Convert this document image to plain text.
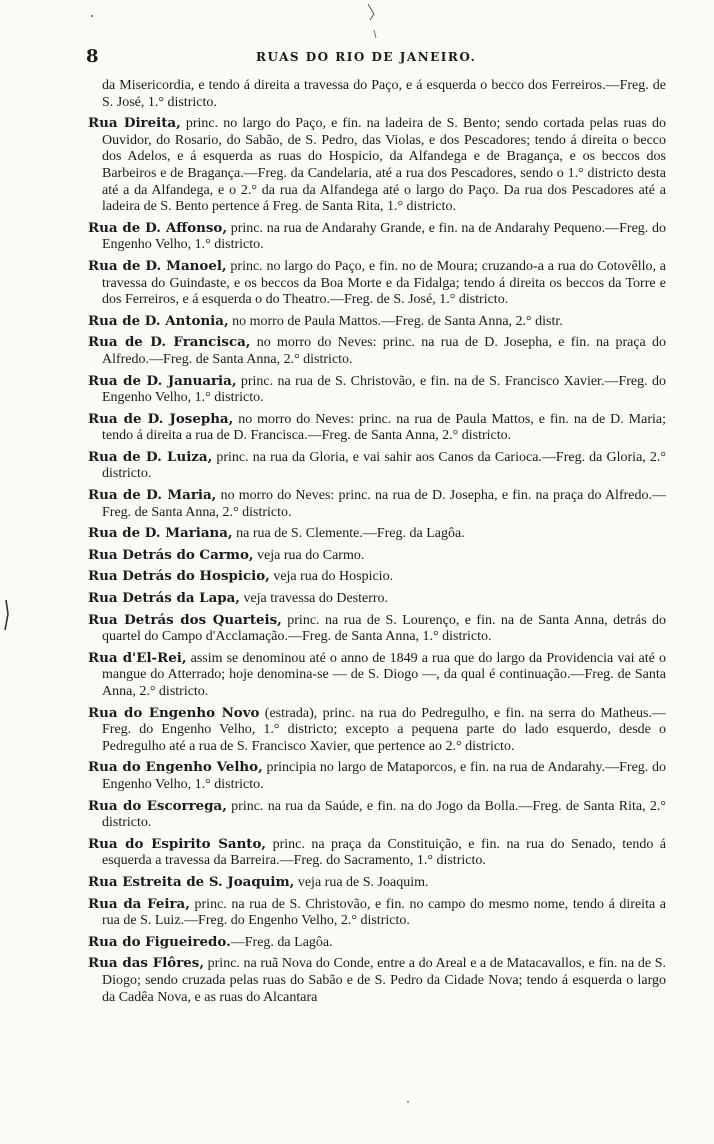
8	RUAS DO RIO DE JANEIRO.

da Misericordia, e tendo á direita a travessa do Paço, e á esquerda o becco dos Ferreiros.—Freg. de S. José, 1.° districto.

Rua Direita, princ. no largo do Paço, e fin. na ladeira de S. Bento; sendo cortada pelas ruas do Ouvidor, do Rosario, do Sabão, de S. Pedro, das Violas, e dos Pescadores; tendo á direita o becco dos Adelos, e á esquerda as ruas do Hospicio, da Alfandega e de Bragança, e os beccos dos Barbeiros e de Bragança.—Freg. da Candelaria, até a rua dos Pescadores, sendo o 1.° districto desta até a da Alfandega, e o 2.° da rua da Alfandega até o largo do Paço. Da rua dos Pescadores até a ladeira de S. Bento pertence á Freg. de Santa Rita, 1.° districto.

Rua de D. Affonso, princ. na rua de Andarahy Grande, e fin. na de Andarahy Pequeno.—Freg. do Engenho Velho, 1.° districto.

Rua de D. Manoel, princ. no largo do Paço, e fin. no de Moura; cruzando-a a rua do Cotovêllo, a travessa do Guindaste, e os beccos da Boa Morte e da Fidalga; tendo á direita os beccos da Torre e dos Ferreiros, e á esquerda o do Theatro.—Freg. de S. José, 1.° districto.

Rua de D. Antonia, no morro de Paula Mattos.—Freg. de Santa Anna, 2.° distr.

Rua de D. Francisca, no morro do Neves: princ. na rua de D. Josepha, e fin. na praça do Alfredo.—Freg. de Santa Anna, 2.° districto.

Rua de D. Januaria, princ. na rua de S. Christovão, e fin. na de S. Francisco Xavier.—Freg. do Engenho Velho, 1.° districto.

Rua de D. Josepha, no morro do Neves: princ. na rua de Paula Mattos, e fin. na de D. Maria; tendo á direita a rua de D. Francisca.—Freg. de Santa Anna, 2.° districto.

Rua de D. Luiza, princ. na rua da Gloria, e vai sahir aos Canos da Carioca.—Freg. da Gloria, 2.° districto.

Rua de D. Maria, no morro do Neves: princ. na rua de D. Josepha, e fin. na praça do Alfredo.—Freg. de Santa Anna, 2.° districto.

Rua de D. Mariana, na rua de S. Clemente.—Freg. da Lagôa.

Rua Detrás do Carmo, veja rua do Carmo.

Rua Detrás do Hospicio, veja rua do Hospicio.

Rua Detrás da Lapa, veja travessa do Desterro.

Rua Detrás dos Quarteis, princ. na rua de S. Lourenço, e fin. na de Santa Anna, detrás do quartel do Campo d'Acclamação.—Freg. de Santa Anna, 1.° districto.

Rua d'El-Rei, assim se denominou até o anno de 1849 a rua que do largo da Providencia vai até o mangue do Atterrado; hoje denomina-se — de S. Diogo —, da qual é continuação.—Freg. de Santa Anna, 2.° districto.

Rua do Engenho Novo (estrada), princ. na rua do Pedregulho, e fin. na serra do Matheus.—Freg. do Engenho Velho, 1.° districto; excepto a pequena parte do lado esquerdo, desde o Pedregulho até a rua de S. Francisco Xavier, que pertence ao 2.° districto.

Rua do Engenho Velho, principia no largo de Mataporcos, e fin. na rua de Andarahy.—Freg. do Engenho Velho, 1.° districto.

Rua do Escorrega, princ. na rua da Saúde, e fin. na do Jogo da Bolla.—Freg. de Santa Rita, 2.° districto.

Rua do Espirito Santo, princ. na praça da Constituição, e fin. na rua do Senado, tendo á esquerda a travessa da Barreira.—Freg. do Sacramento, 1.° districto.

Rua Estreita de S. Joaquim, veja rua de S. Joaquim.

Rua da Feira, princ. na rua de S. Christovão, e fin. no campo do mesmo nome, tendo á direita a rua de S. Luiz.—Freg. do Engenho Velho, 2.° districto.

Rua do Figueiredo.—Freg. da Lagôa.

Rua das Flôres, princ. na ruã Nova do Conde, entre a do Areal e a de Matacavallos, e fin. na de S. Diogo; sendo cruzada pelas ruas do Sabão e de S. Pedro da Cidade Nova; tendo á esquerda o largo da Cadêa Nova, e as ruas do Alcantara
